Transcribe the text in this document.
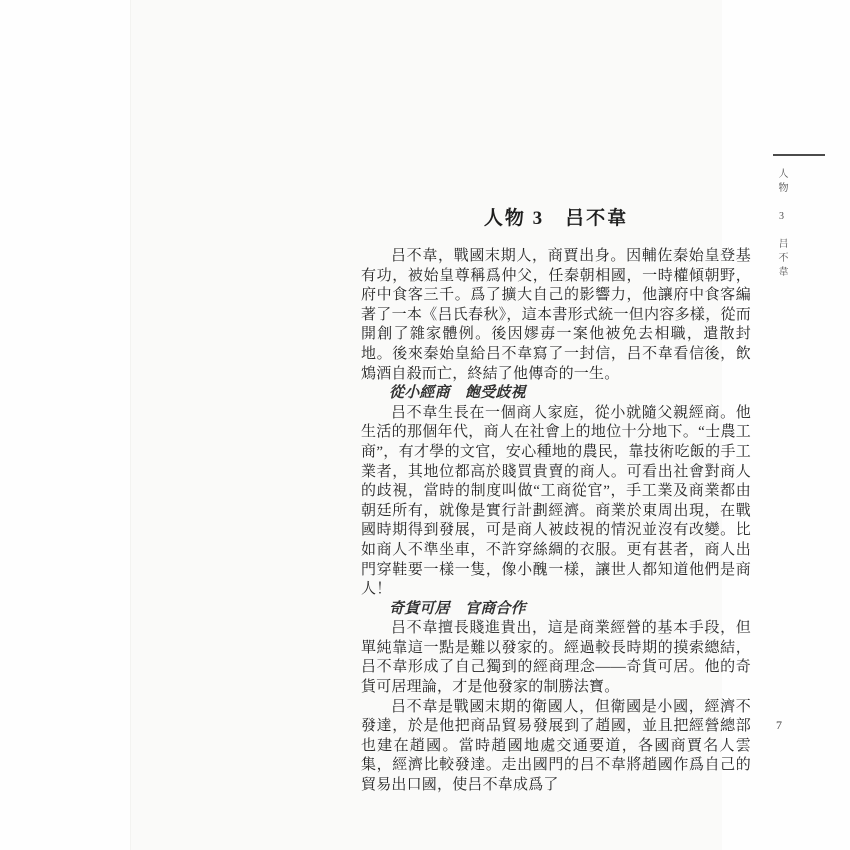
人物 3吕不韋
人物 3　吕不韋

吕不韋，戰國末期人，商賈出身。因輔佐秦始皇登基有功，被始皇尊稱爲仲父，任秦朝相國，一時權傾朝野，府中食客三千。爲了擴大自己的影響力，他讓府中食客編著了一本《吕氏春秋》，這本書形式統一但内容多樣，從而開創了雜家體例。後因嫪毐一案他被免去相職，遣散封地。後來秦始皇給吕不韋寫了一封信，吕不韋看信後，飲鴆酒自殺而亡，終結了他傳奇的一生。

從小經商　飽受歧視

吕不韋生長在一個商人家庭，從小就隨父親經商。他生活的那個年代，商人在社會上的地位十分地下。“士農工商”，有才學的文官，安心種地的農民，靠技術吃飯的手工業者，其地位都高於賤買貴賣的商人。可看出社會對商人的歧視，當時的制度叫做“工商從官”，手工業及商業都由朝廷所有，就像是實行計劃經濟。商業於東周出現，在戰國時期得到發展，可是商人被歧視的情況並沒有改變。比如商人不準坐車，不許穿絲綢的衣服。更有甚者，商人出門穿鞋要一樣一隻，像小醜一樣，讓世人都知道他們是商人！

奇貨可居　官商合作

吕不韋擅長賤進貴出，這是商業經營的基本手段，但單純靠這一點是難以發家的。經過較長時期的摸索總結，吕不韋形成了自己獨到的經商理念——奇貨可居。他的奇貨可居理論，才是他發家的制勝法寶。

吕不韋是戰國末期的衛國人，但衛國是小國，經濟不發達，於是他把商品貿易發展到了趙國，並且把經營總部也建在趙國。當時趙國地處交通要道，各國商賈名人雲集，經濟比較發達。走出國門的吕不韋將趙國作爲自己的貿易出口國，使吕不韋成爲了

7
